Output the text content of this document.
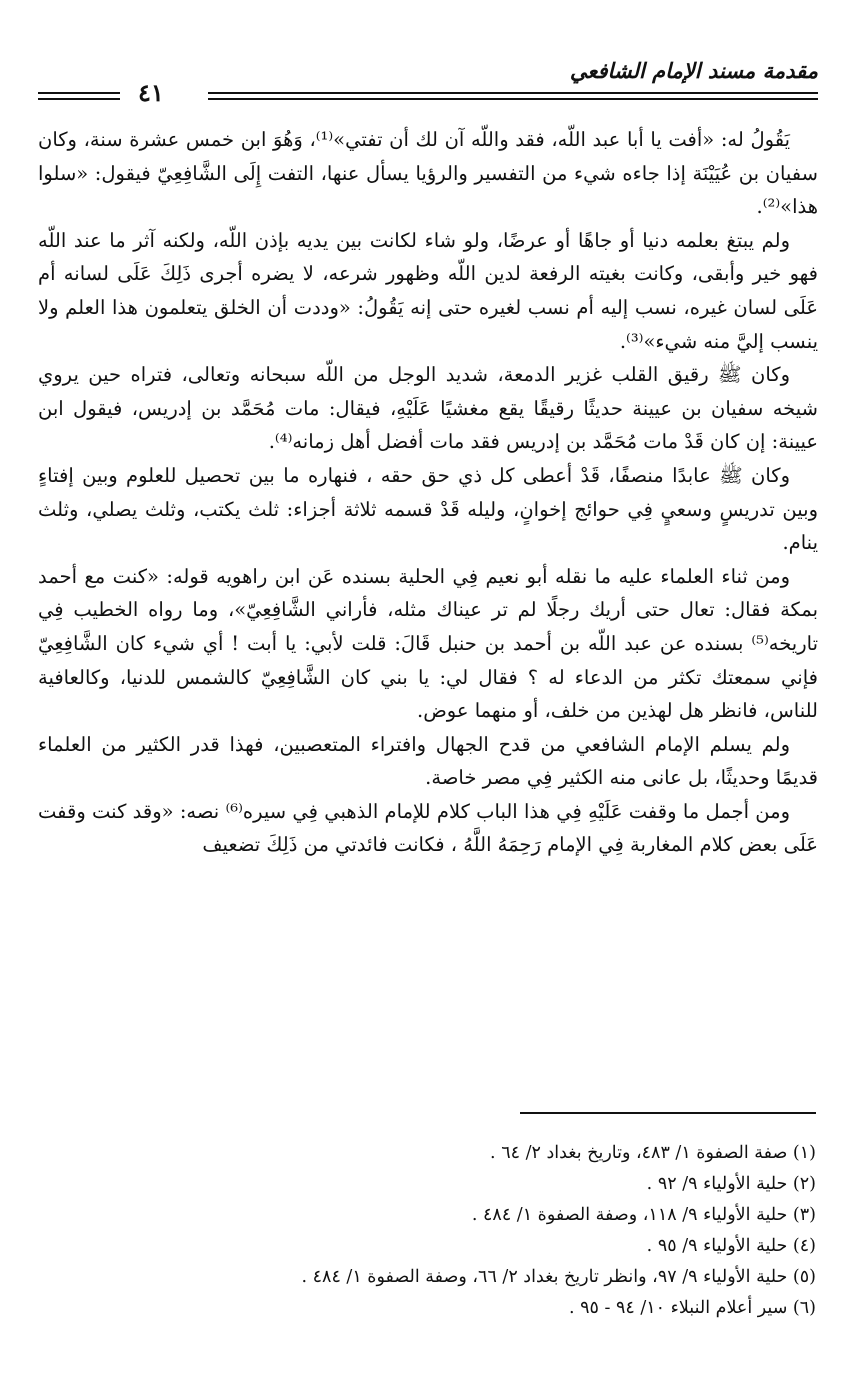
مقدمة مسند الإمام الشافعي
٤١

يَقُولُ له: «أفت يا أبا عبد اللّه، فقد واللّه آن لك أن تفتي»⁽¹⁾، وَهُوَ ابن خمس عشرة سنة، وكان سفيان بن عُيَيْنَة إذا جاءه شيء من التفسير والرؤيا يسأل عنها، التفت إِلَى الشَّافِعِيّ فيقول: «سلوا هذا»⁽²⁾.

ولم يبتغ بعلمه دنيا أو جاهًا أو عرضًا، ولو شاء لكانت بين يديه بإذن اللّه، ولكنه آثر ما عند اللّه فهو خير وأبقى، وكانت بغيته الرفعة لدين اللّه وظهور شرعه، لا يضره أجرى ذَلِكَ عَلَى لسانه أم عَلَى لسان غيره، نسب إليه أم نسب لغيره حتى إنه يَقُولُ: «وددت أن الخلق يتعلمون هذا العلم ولا ينسب إليَّ منه شيء»⁽³⁾.

وكان ﷺ رقيق القلب غزير الدمعة، شديد الوجل من اللّه سبحانه وتعالى، فتراه حين يروي شيخه سفيان بن عيينة حديثًا رقيقًا يقع مغشيًا عَلَيْهِ، فيقال: مات مُحَمَّد بن إدريس، فيقول ابن عيينة: إن كان قَدْ مات مُحَمَّد بن إدريس فقد مات أفضل أهل زمانه⁽⁴⁾.

وكان ﷺ عابدًا منصفًا، قَدْ أعطى كل ذي حق حقه ، فنهاره ما بين تحصيل للعلوم وبين إفتاءٍ وبين تدريسٍ وسعيٍ فِي حوائج إخوانٍ، وليله قَدْ قسمه ثلاثة أجزاء: ثلث يكتب، وثلث يصلي، وثلث ينام.

ومن ثناء العلماء عليه ما نقله أبو نعيم فِي الحلية بسنده عَن ابن راهويه قوله: «كنت مع أحمد بمكة فقال: تعال حتى أريك رجلًا لم تر عيناك مثله، فأراني الشَّافِعِيّ»، وما رواه الخطيب فِي تاريخه⁽⁵⁾ بسنده عن عبد اللّه بن أحمد بن حنبل قَالَ: قلت لأبي: يا أبت ! أي شيء كان الشَّافِعِيّ فإني سمعتك تكثر من الدعاء له ؟ فقال لي: يا بني كان الشَّافِعِيّ كالشمس للدنيا، وكالعافية للناس، فانظر هل لهذين من خلف، أو منهما عوض.

ولم يسلم الإمام الشافعي من قدح الجهال وافتراء المتعصبين، فهذا قدر الكثير من العلماء قديمًا وحديثًا، بل عانى منه الكثير فِي مصر خاصة.

ومن أجمل ما وقفت عَلَيْهِ فِي هذا الباب كلام للإمام الذهبي فِي سيره⁽⁶⁾ نصه: «وقد كنت وقفت عَلَى بعض كلام المغاربة فِي الإمام رَحِمَهُ اللَّهُ ، فكانت فائدتي من ذَلِكَ تضعيف

(١) صفة الصفوة ١/ ٤٨٣، وتاريخ بغداد ٢/ ٦٤ .
(٢) حلية الأولياء ٩/ ٩٢ .
(٣) حلية الأولياء ٩/ ١١٨، وصفة الصفوة ١/ ٤٨٤ .
(٤) حلية الأولياء ٩/ ٩٥ .
(٥) حلية الأولياء ٩/ ٩٧، وانظر تاريخ بغداد ٢/ ٦٦، وصفة الصفوة ١/ ٤٨٤ .
(٦) سير أعلام النبلاء ١٠/ ٩٤ - ٩٥ .
